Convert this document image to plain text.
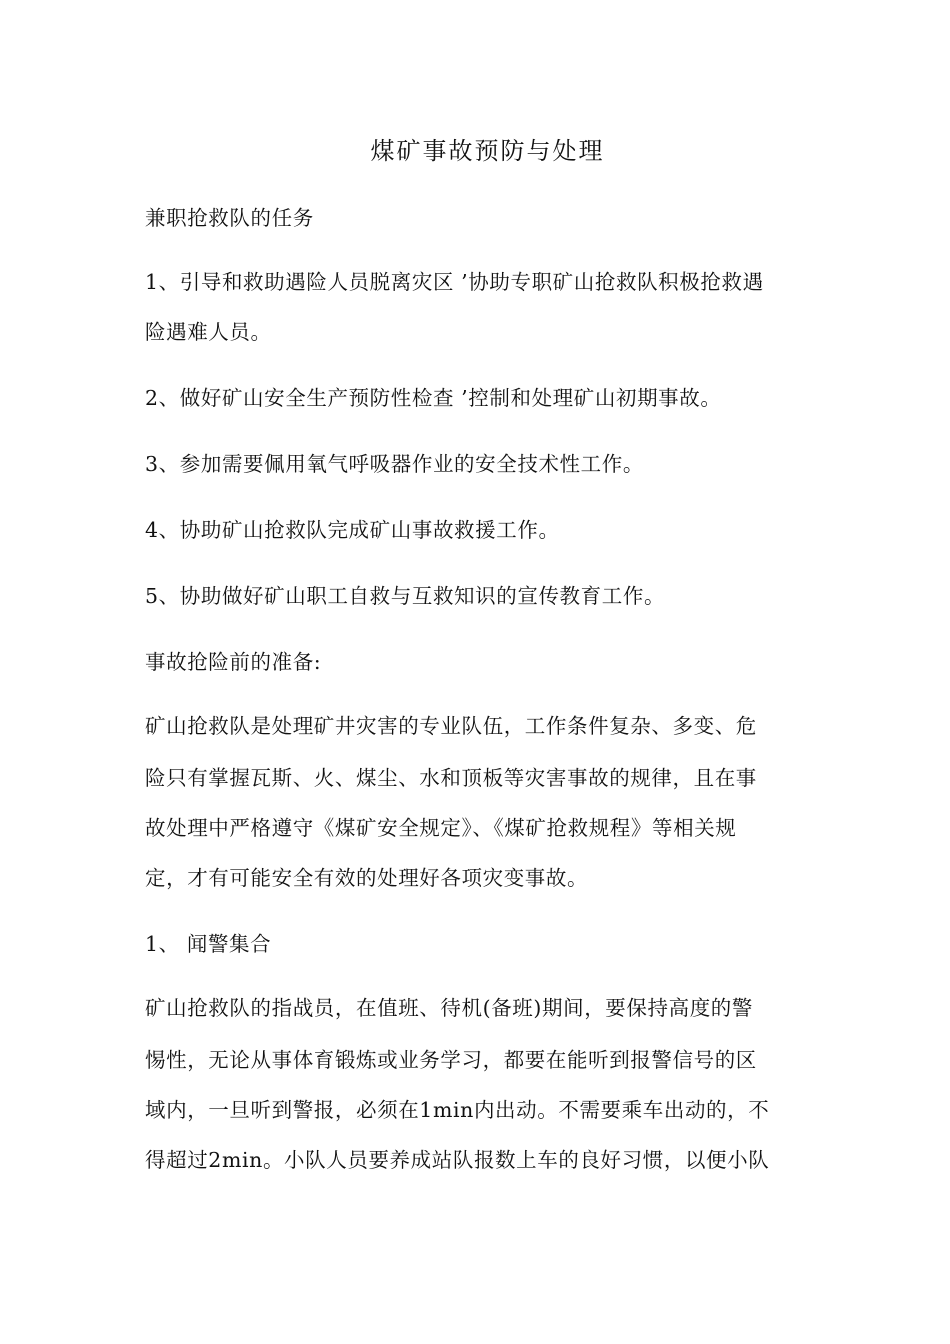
煤矿事故预防与处理
兼职抢救队的任务
1、引导和救助遇险人员脱离灾区 ’协助专职矿山抢救队积极抢救遇
险遇难人员。
2、做好矿山安全生产预防性检查 ’控制和处理矿山初期事故。
3、参加需要佩用氧气呼吸器作业的安全技术性工作。
4、协助矿山抢救队完成矿山事故救援工作。
5、协助做好矿山职工自救与互救知识的宣传教育工作。
事故抢险前的准备:
矿山抢救队是处理矿井灾害的专业队伍，工作条件复杂、多变、危
险只有掌握瓦斯、火、煤尘、水和顶板等灾害事故的规律，且在事
故处理中严格遵守《煤矿安全规定》、《煤矿抢救规程》等相关规
定，才有可能安全有效的处理好各项灾变事故。
1、 闻警集合
矿山抢救队的指战员，在值班、待机(备班)期间，要保持高度的警
惕性，无论从事体育锻炼或业务学习，都要在能听到报警信号的区
域内，一旦听到警报，必须在1min内出动。不需要乘车出动的，不
得超过2min。小队人员要养成站队报数上车的良好习惯，以便小队
